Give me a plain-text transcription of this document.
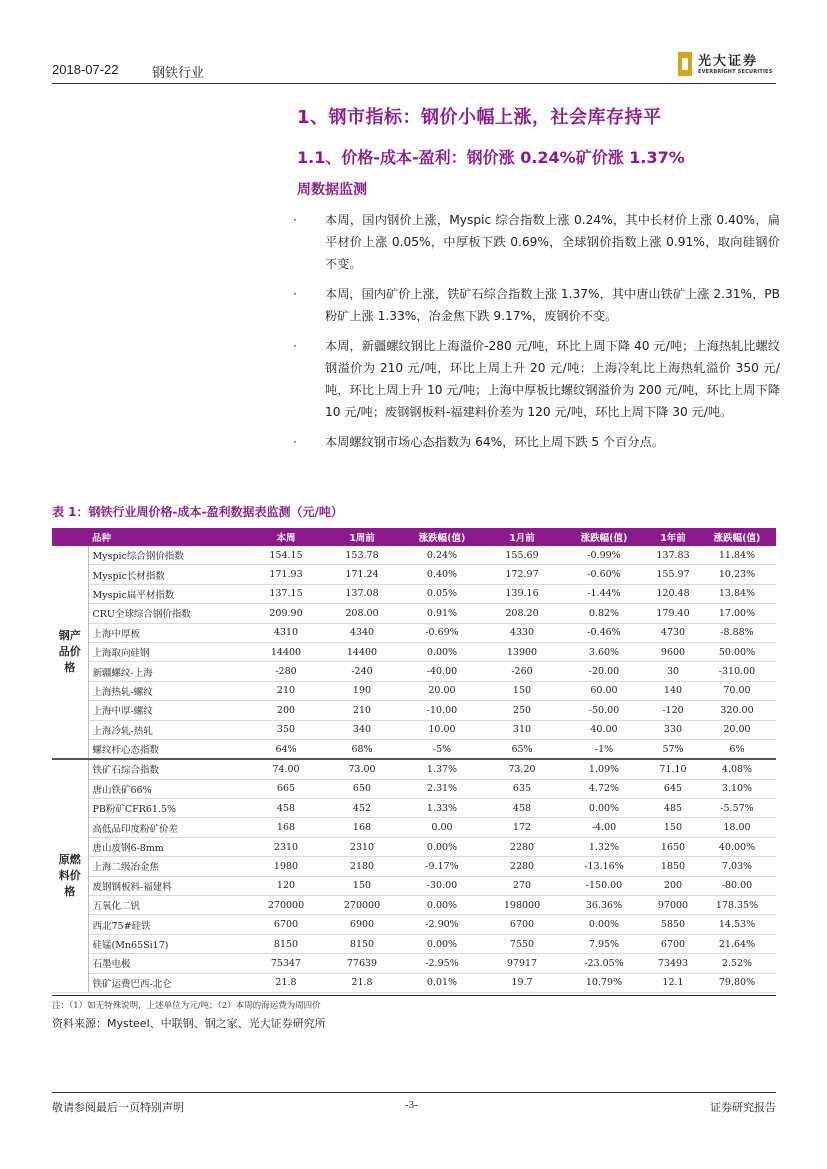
2018-07-22	钢铁行业
光大证券
EVERBRIGHT SECURITIES
1、钢市指标：钢价小幅上涨，社会库存持平
1.1、价格-成本-盈利：钢价涨 0.24%矿价涨 1.37%
周数据监测
· 本周，国内钢价上涨，Myspic 综合指数上涨 0.24%，其中长材价上涨 0.40%，扁平材价上涨 0.05%，中厚板下跌 0.69%，全球钢价指数上涨 0.91%，取向硅钢价不变。
· 本周，国内矿价上涨，铁矿石综合指数上涨 1.37%，其中唐山铁矿上涨 2.31%，PB 粉矿上涨 1.33%，冶金焦下跌 9.17%，废钢价不变。
· 本周，新疆螺纹钢比上海溢价-280 元/吨，环比上周下降 40 元/吨；上海热轧比螺纹钢溢价为 210 元/吨，环比上周上升 20 元/吨；上海冷轧比上海热轧溢价 350 元/吨，环比上周上升 10 元/吨；上海中厚板比螺纹钢溢价为 200 元/吨，环比上周下降 10 元/吨；废钢钢板料-福建料价差为 120 元/吨，环比上周下降 30 元/吨。
· 本周螺纹钢市场心态指数为 64%，环比上周下跌 5 个百分点。
表 1：钢铁行业周价格-成本-盈利数据表监测（元/吨）
	品种	本周	1周前	涨跌幅(值)	1月前	涨跌幅(值)	1年前	涨跌幅(值)
钢产品价格	Myspic综合钢价指数	154.15	153.78	0.24%	155.69	-0.99%	137.83	11.84%
	Myspic长材指数	171.93	171.24	0.40%	172.97	-0.60%	155.97	10.23%
	Myspic扁平材指数	137.15	137.08	0.05%	139.16	-1.44%	120.48	13.84%
	CRU全球综合钢价指数	209.90	208.00	0.91%	208.20	0.82%	179.40	17.00%
	上海中厚板	4310	4340	-0.69%	4330	-0.46%	4730	-8.88%
	上海取向硅钢	14400	14400	0.00%	13900	3.60%	9600	50.00%
	新疆螺纹-上海	-280	-240	-40.00	-260	-20.00	30	-310.00
	上海热轧-螺纹	210	190	20.00	150	60.00	140	70.00
	上海中厚-螺纹	200	210	-10.00	250	-50.00	-120	320.00
	上海冷轧-热轧	350	340	10.00	310	40.00	330	20.00
	螺纹杆心态指数	64%	68%	-5%	65%	-1%	57%	6%
原燃料价格	铁矿石综合指数	74.00	73.00	1.37%	73.20	1.09%	71.10	4.08%
	唐山铁矿66%	665	650	2.31%	635	4.72%	645	3.10%
	PB粉矿CFR61.5%	458	452	1.33%	458	0.00%	485	-5.57%
	高低品印度粉矿价差	168	168	0.00	172	-4.00	150	18.00
	唐山废钢6-8mm	2310	2310	0.00%	2280	1.32%	1650	40.00%
	上海二级冶金焦	1980	2180	-9.17%	2280	-13.16%	1850	7.03%
	废钢钢板料-福建料	120	150	-30.00	270	-150.00	200	-80.00
	五氧化二钒	270000	270000	0.00%	198000	36.36%	97000	178.35%
	西北75#硅铁	6700	6900	-2.90%	6700	0.00%	5850	14.53%
	硅锰(Mn65Si17)	8150	8150	0.00%	7550	7.95%	6700	21.64%
	石墨电极	75347	77639	-2.95%	97917	-23.05%	73493	2.52%
	铁矿运费巴西-北仑	21.8	21.8	0.01%	19.7	10.79%	12.1	79.80%
注：（1）如无特殊说明，上述单位为元/吨；（2）本周的海运费为周四价
资料来源：Mysteel、中联钢、钢之家、光大证券研究所
敬请参阅最后一页特别声明	-3-	证券研究报告
